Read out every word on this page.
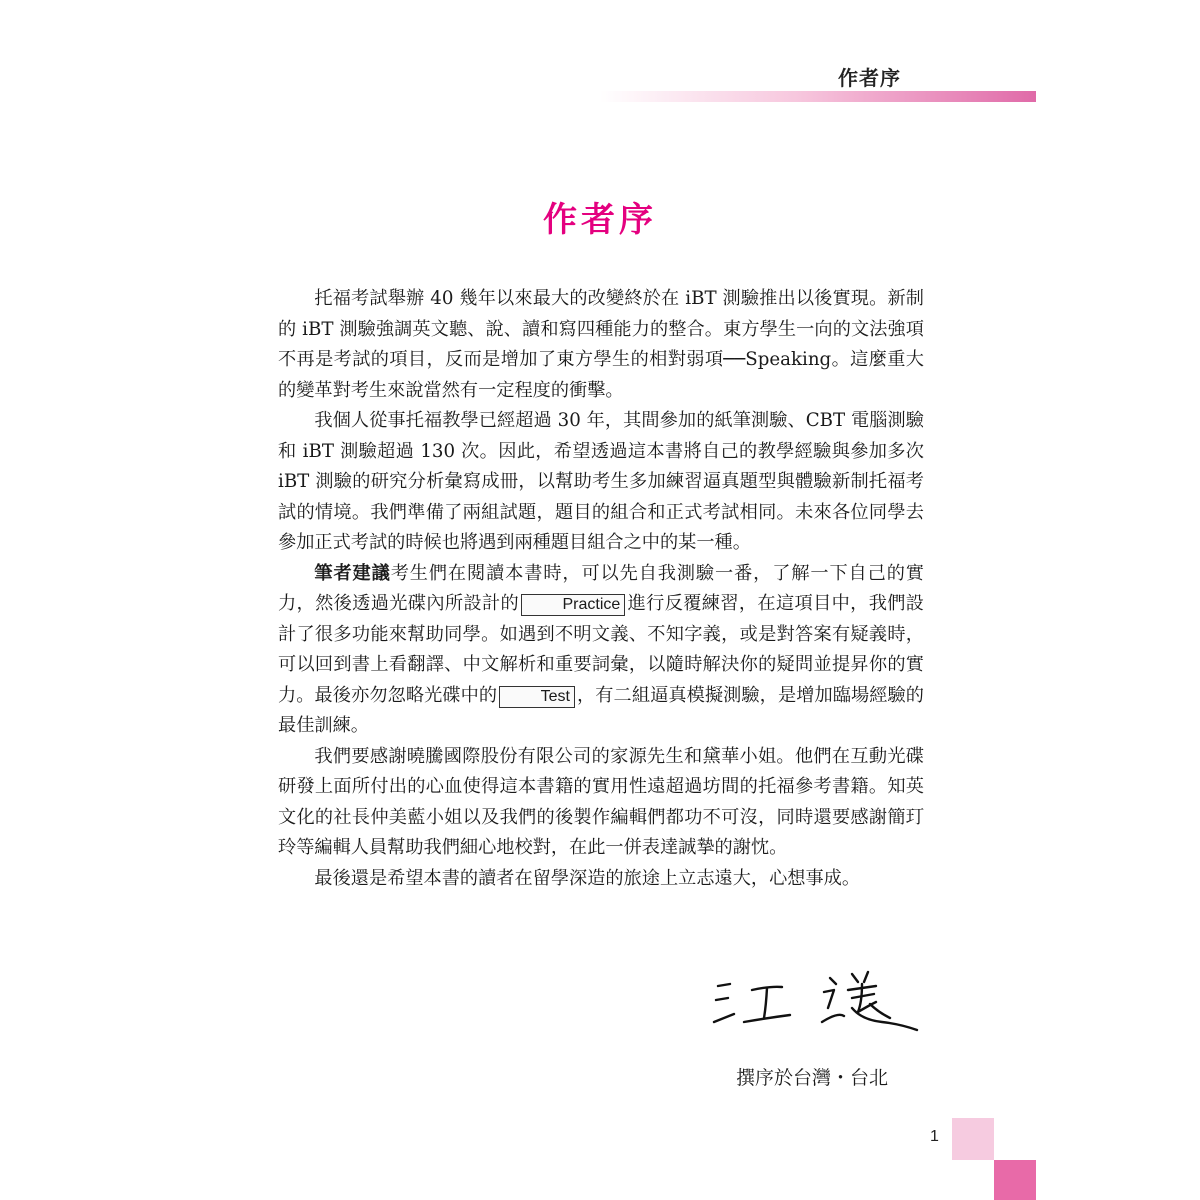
作者序
作者序

托福考試舉辦 40 幾年以來最大的改變終於在 iBT 測驗推出以後實現。新制的 iBT 測驗強調英文聽、說、讀和寫四種能力的整合。東方學生一向的文法強項不再是考試的項目，反而是增加了東方學生的相對弱項──Speaking。這麼重大的變革對考生來說當然有一定程度的衝擊。

我個人從事托福教學已經超過 30 年，其間參加的紙筆測驗、CBT 電腦測驗和 iBT 測驗超過 130 次。因此，希望透過這本書將自己的教學經驗與參加多次 iBT 測驗的研究分析彙寫成冊，以幫助考生多加練習逼真題型與體驗新制托福考試的情境。我們準備了兩組試題，題目的組合和正式考試相同。未來各位同學去參加正式考試的時候也將遇到兩種題目組合之中的某一種。

筆者建議考生們在閱讀本書時，可以先自我測驗一番，了解一下自己的實力，然後透過光碟內所設計的	Practice 進行反覆練習，在這項目中，我們設計了很多功能來幫助同學。如遇到不明文義、不知字義，或是對答案有疑義時，可以回到書上看翻譯、中文解析和重要詞彙，以隨時解決你的疑問並提昇你的實力。最後亦勿忽略光碟中的	Test ，有二組逼真模擬測驗，是增加臨場經驗的最佳訓練。

我們要感謝曉騰國際股份有限公司的家源先生和黛華小姐。他們在互動光碟研發上面所付出的心血使得這本書籍的實用性遠超過坊間的托福參考書籍。知英文化的社長仲美藍小姐以及我們的後製作編輯們都功不可沒，同時還要感謝簡玎玲等編輯人員幫助我們細心地校對，在此一併表達誠摯的謝忱。

最後還是希望本書的讀者在留學深造的旅途上立志遠大，心想事成。

撰序於台灣・台北
1
